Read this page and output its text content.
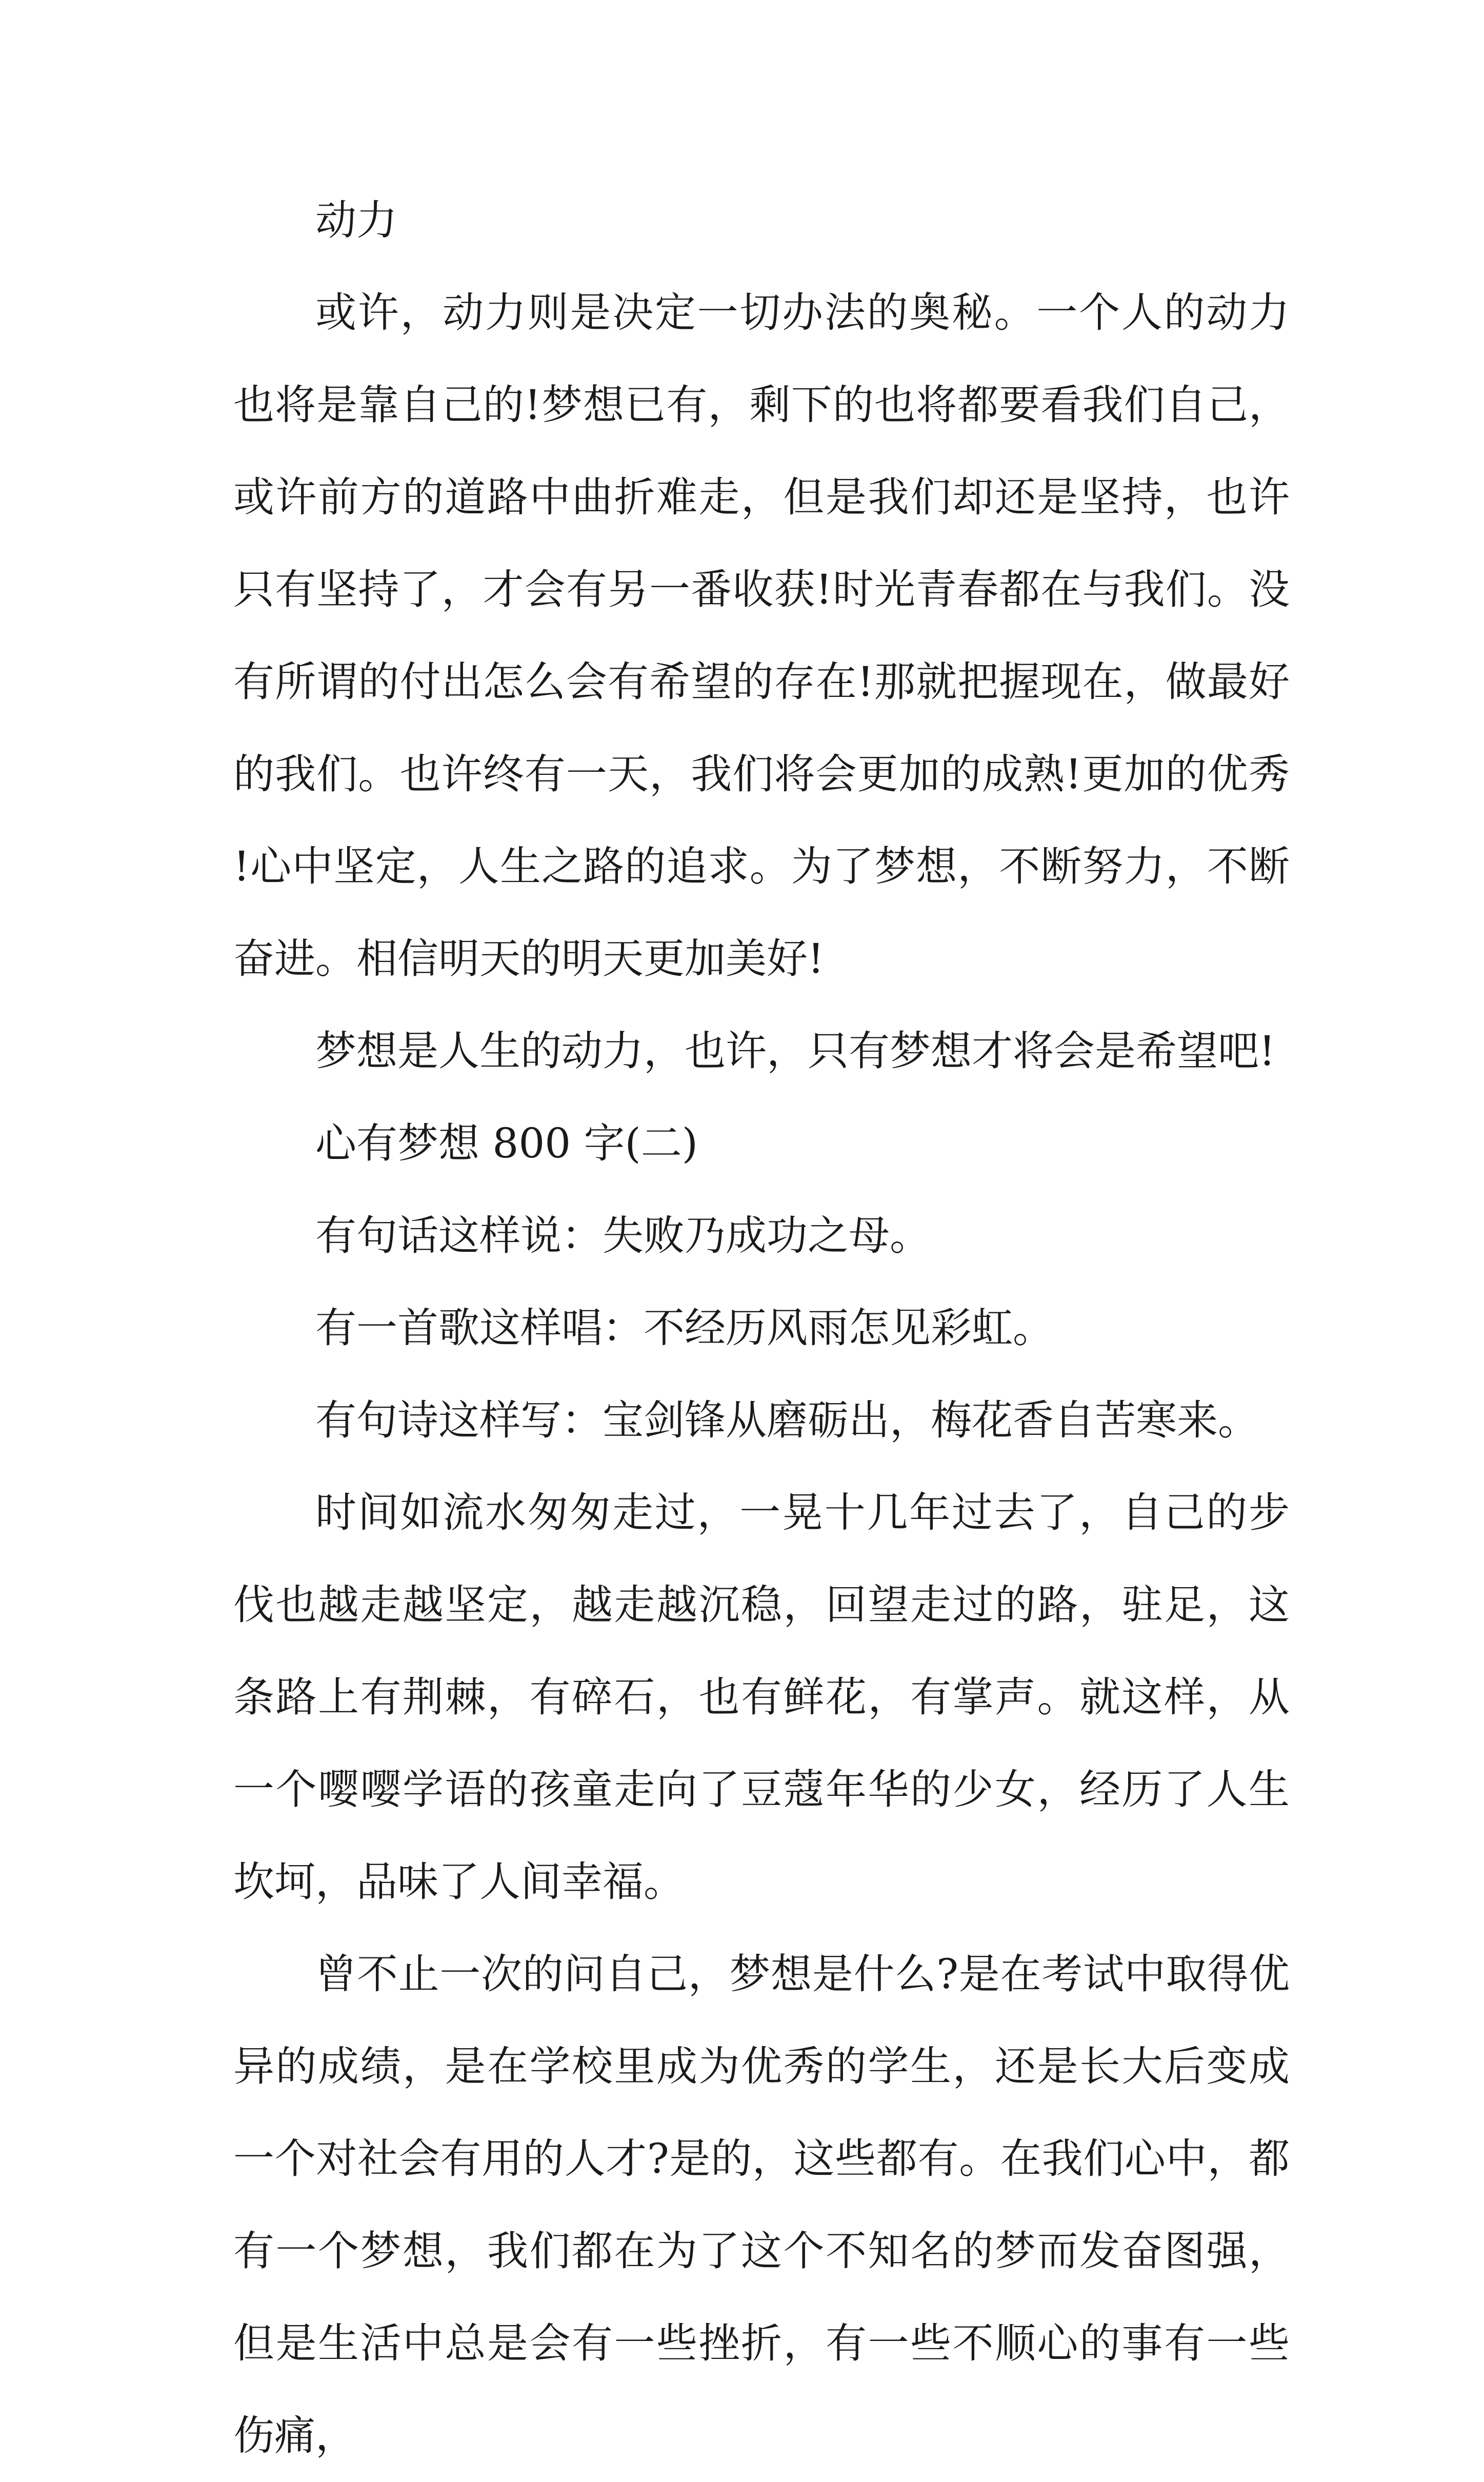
动力

或许，动力则是决定一切办法的奥秘。一个人的动力也将是靠自己的!梦想已有，剩下的也将都要看我们自己，或许前方的道路中曲折难走，但是我们却还是坚持，也许只有坚持了，才会有另一番收获!时光青春都在与我们。没有所谓的付出怎么会有希望的存在!那就把握现在，做最好的我们。也许终有一天，我们将会更加的成熟!更加的优秀!心中坚定，人生之路的追求。为了梦想，不断努力，不断奋进。相信明天的明天更加美好!

梦想是人生的动力，也许，只有梦想才将会是希望吧!

心有梦想 800 字(二)

有句话这样说：失败乃成功之母。

有一首歌这样唱：不经历风雨怎见彩虹。

有句诗这样写：宝剑锋从磨砺出，梅花香自苦寒来。

时间如流水匆匆走过，一晃十几年过去了，自己的步伐也越走越坚定，越走越沉稳，回望走过的路，驻足，这条路上有荆棘，有碎石，也有鲜花，有掌声。就这样，从一个嘤嘤学语的孩童走向了豆蔻年华的少女，经历了人生坎坷，品味了人间幸福。

曾不止一次的问自己，梦想是什么?是在考试中取得优异的成绩，是在学校里成为优秀的学生，还是长大后变成一个对社会有用的人才?是的，这些都有。在我们心中，都有一个梦想，我们都在为了这个不知名的梦而发奋图强，但是生活中总是会有一些挫折，有一些不顺心的事有一些伤痛，
